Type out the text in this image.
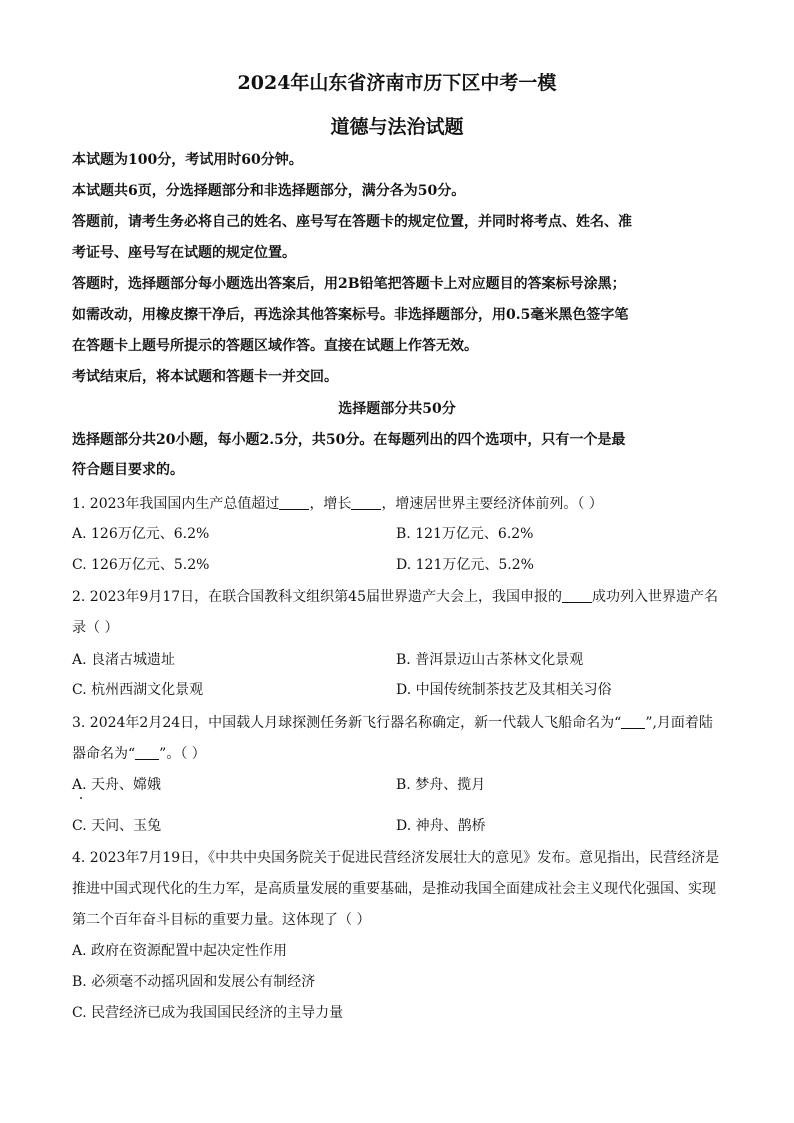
2024年山东省济南市历下区中考一模
道德与法治试题
本试题为100分，考试用时60分钟。
本试题共6页，分选择题部分和非选择题部分，满分各为50分。
答题前，请考生务必将自己的姓名、座号写在答题卡的规定位置，并同时将考点、姓名、准
考证号、座号写在试题的规定位置。
答题时，选择题部分每小题选出答案后，用2B铅笔把答题卡上对应题目的答案标号涂黑；
如需改动，用橡皮擦干净后，再选涂其他答案标号。非选择题部分，用0.5毫米黑色签字笔
在答题卡上题号所提示的答题区域作答。直接在试题上作答无效。
考试结束后，将本试题和答题卡一并交回。
选择题部分共50分
选择题部分共20小题，每小题2.5分，共50分。在每题列出的四个选项中，只有一个是最
符合题目要求的。
1. 2023年我国国内生产总值超过 ，增长 ，增速居世界主要经济体前列。（ ）
A. 126万亿元、6.2%	B. 121万亿元、6.2%
C. 126万亿元、5.2%	D. 121万亿元、5.2%
2. 2023年9月17日，在联合国教科文组织第45届世界遗产大会上，我国申报的 成功列入世界遗产名
录（ ）
A. 良渚古城遗址	B. 普洱景迈山古茶林文化景观
C. 杭州西湖文化景观	D. 中国传统制茶技艺及其相关习俗
3. 2024年2月24日，中国载人月球探测任务新飞行器名称确定，新一代载人飞船命名为“ ”,月面着陆
器命名为“ ”。（ ）
A. 天舟、嫦娥	B. 梦舟、揽月
C. 天问、玉兔	D. 神舟、鹊桥
4. 2023年7月19日，《中共中央国务院关于促进民营经济发展壮大的意见》发布。意见指出，民营经济是
推进中国式现代化的生力军，是高质量发展的重要基础，是推动我国全面建成社会主义现代化强国、实现
第二个百年奋斗目标的重要力量。这体现了（ ）
A. 政府在资源配置中起决定性作用
B. 必须毫不动摇巩固和发展公有制经济
C. 民营经济已成为我国国民经济的主导力量
